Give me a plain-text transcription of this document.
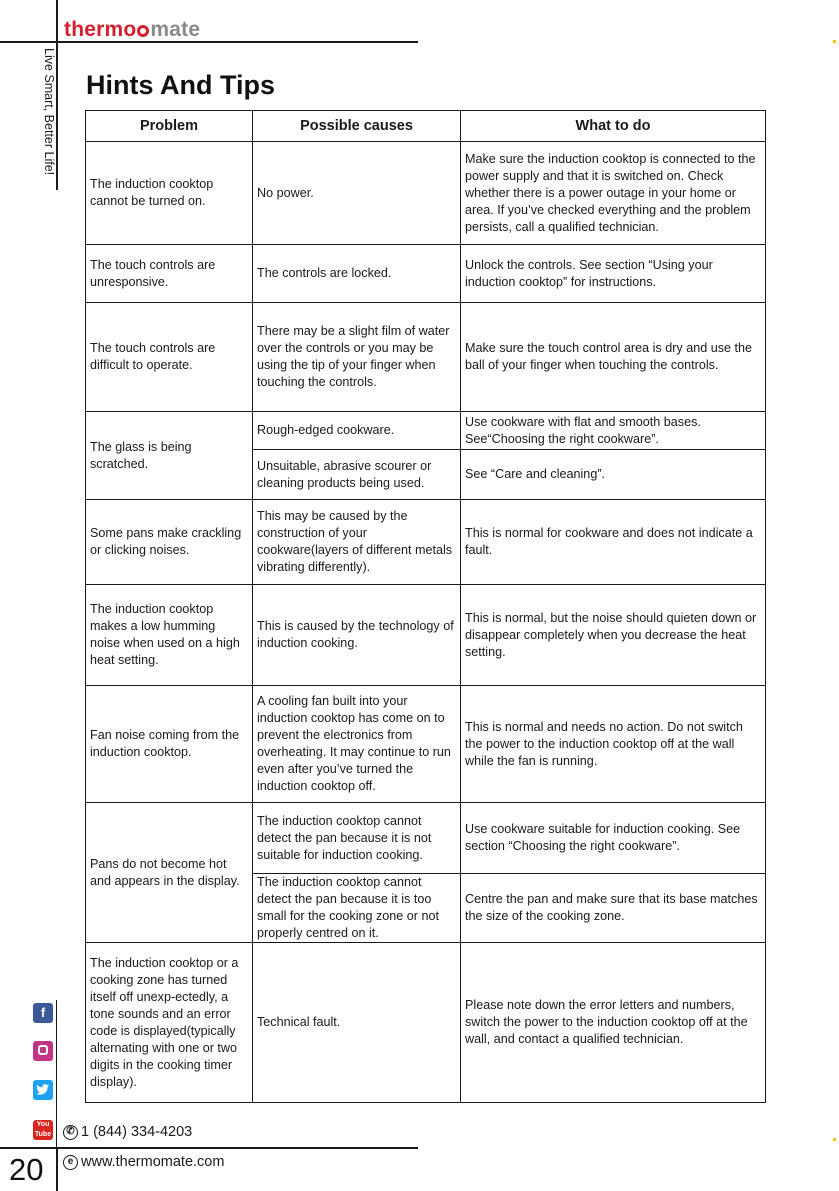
thermo mate
Live Smart, Better Life! Hints And Tips
Problem	Possible causes	What to do
The induction cooktop cannot be turned on.	No power.	Make sure the induction cooktop is connected to the power supply and that it is switched on. Check whether there is a power outage in your home or area. If you’ve checked everything and the problem persists, call a qualified technician.
The touch controls are unresponsive.	The controls are locked.	Unlock the controls. See section “Using your induction cooktop” for instructions.
The touch controls are difficult to operate.	There may be a slight film of water over the controls or you may be using the tip of your finger when touching the controls.	Make sure the touch control area is dry and use the ball of your finger when touching the controls.
The glass is being scratched.	Rough-edged cookware.	Use cookware with flat and smooth bases. See“Choosing the right cookware”.
	Unsuitable, abrasive scourer or cleaning products being used.	See “Care and cleaning”.
Some pans make crackling or clicking noises.	This may be caused by the construction of your cookware(layers of different metals vibrating differently).	This is normal for cookware and does not indicate a fault.
The induction cooktop makes a low humming noise when used on a high heat setting.	This is caused by the technology of induction cooking.	This is normal, but the noise should quieten down or disappear completely when you decrease the heat setting.
Fan noise coming from the induction cooktop.	A cooling fan built into your induction cooktop has come on to prevent the electronics from overheating. It may continue to run even after you’ve turned the induction cooktop off.	This is normal and needs no action. Do not switch the power to the induction cooktop off at the wall while the fan is running.
Pans do not become hot and appears in the display.	The induction cooktop cannot detect the pan because it is not suitable for induction cooking.	Use cookware suitable for induction cooking. See section “Choosing the right cookware”.
	The induction cooktop cannot detect the pan because it is too small for the cooking zone or not properly centred on it.	Centre the pan and make sure that its base matches the size of the cooking zone.
The induction cooktop or a cooking zone has turned itself off unexp-ectedly, a tone sounds and an error code is displayed(typically alternating with one or two digits in the cooking timer display).	Technical fault.	Please note down the error letters and numbers, switch the power to the induction cooktop off at the wall, and contact a qualified technician.
f
You
Tube	✆ 1 (844) 334-4203
20	e www.thermomate.com
